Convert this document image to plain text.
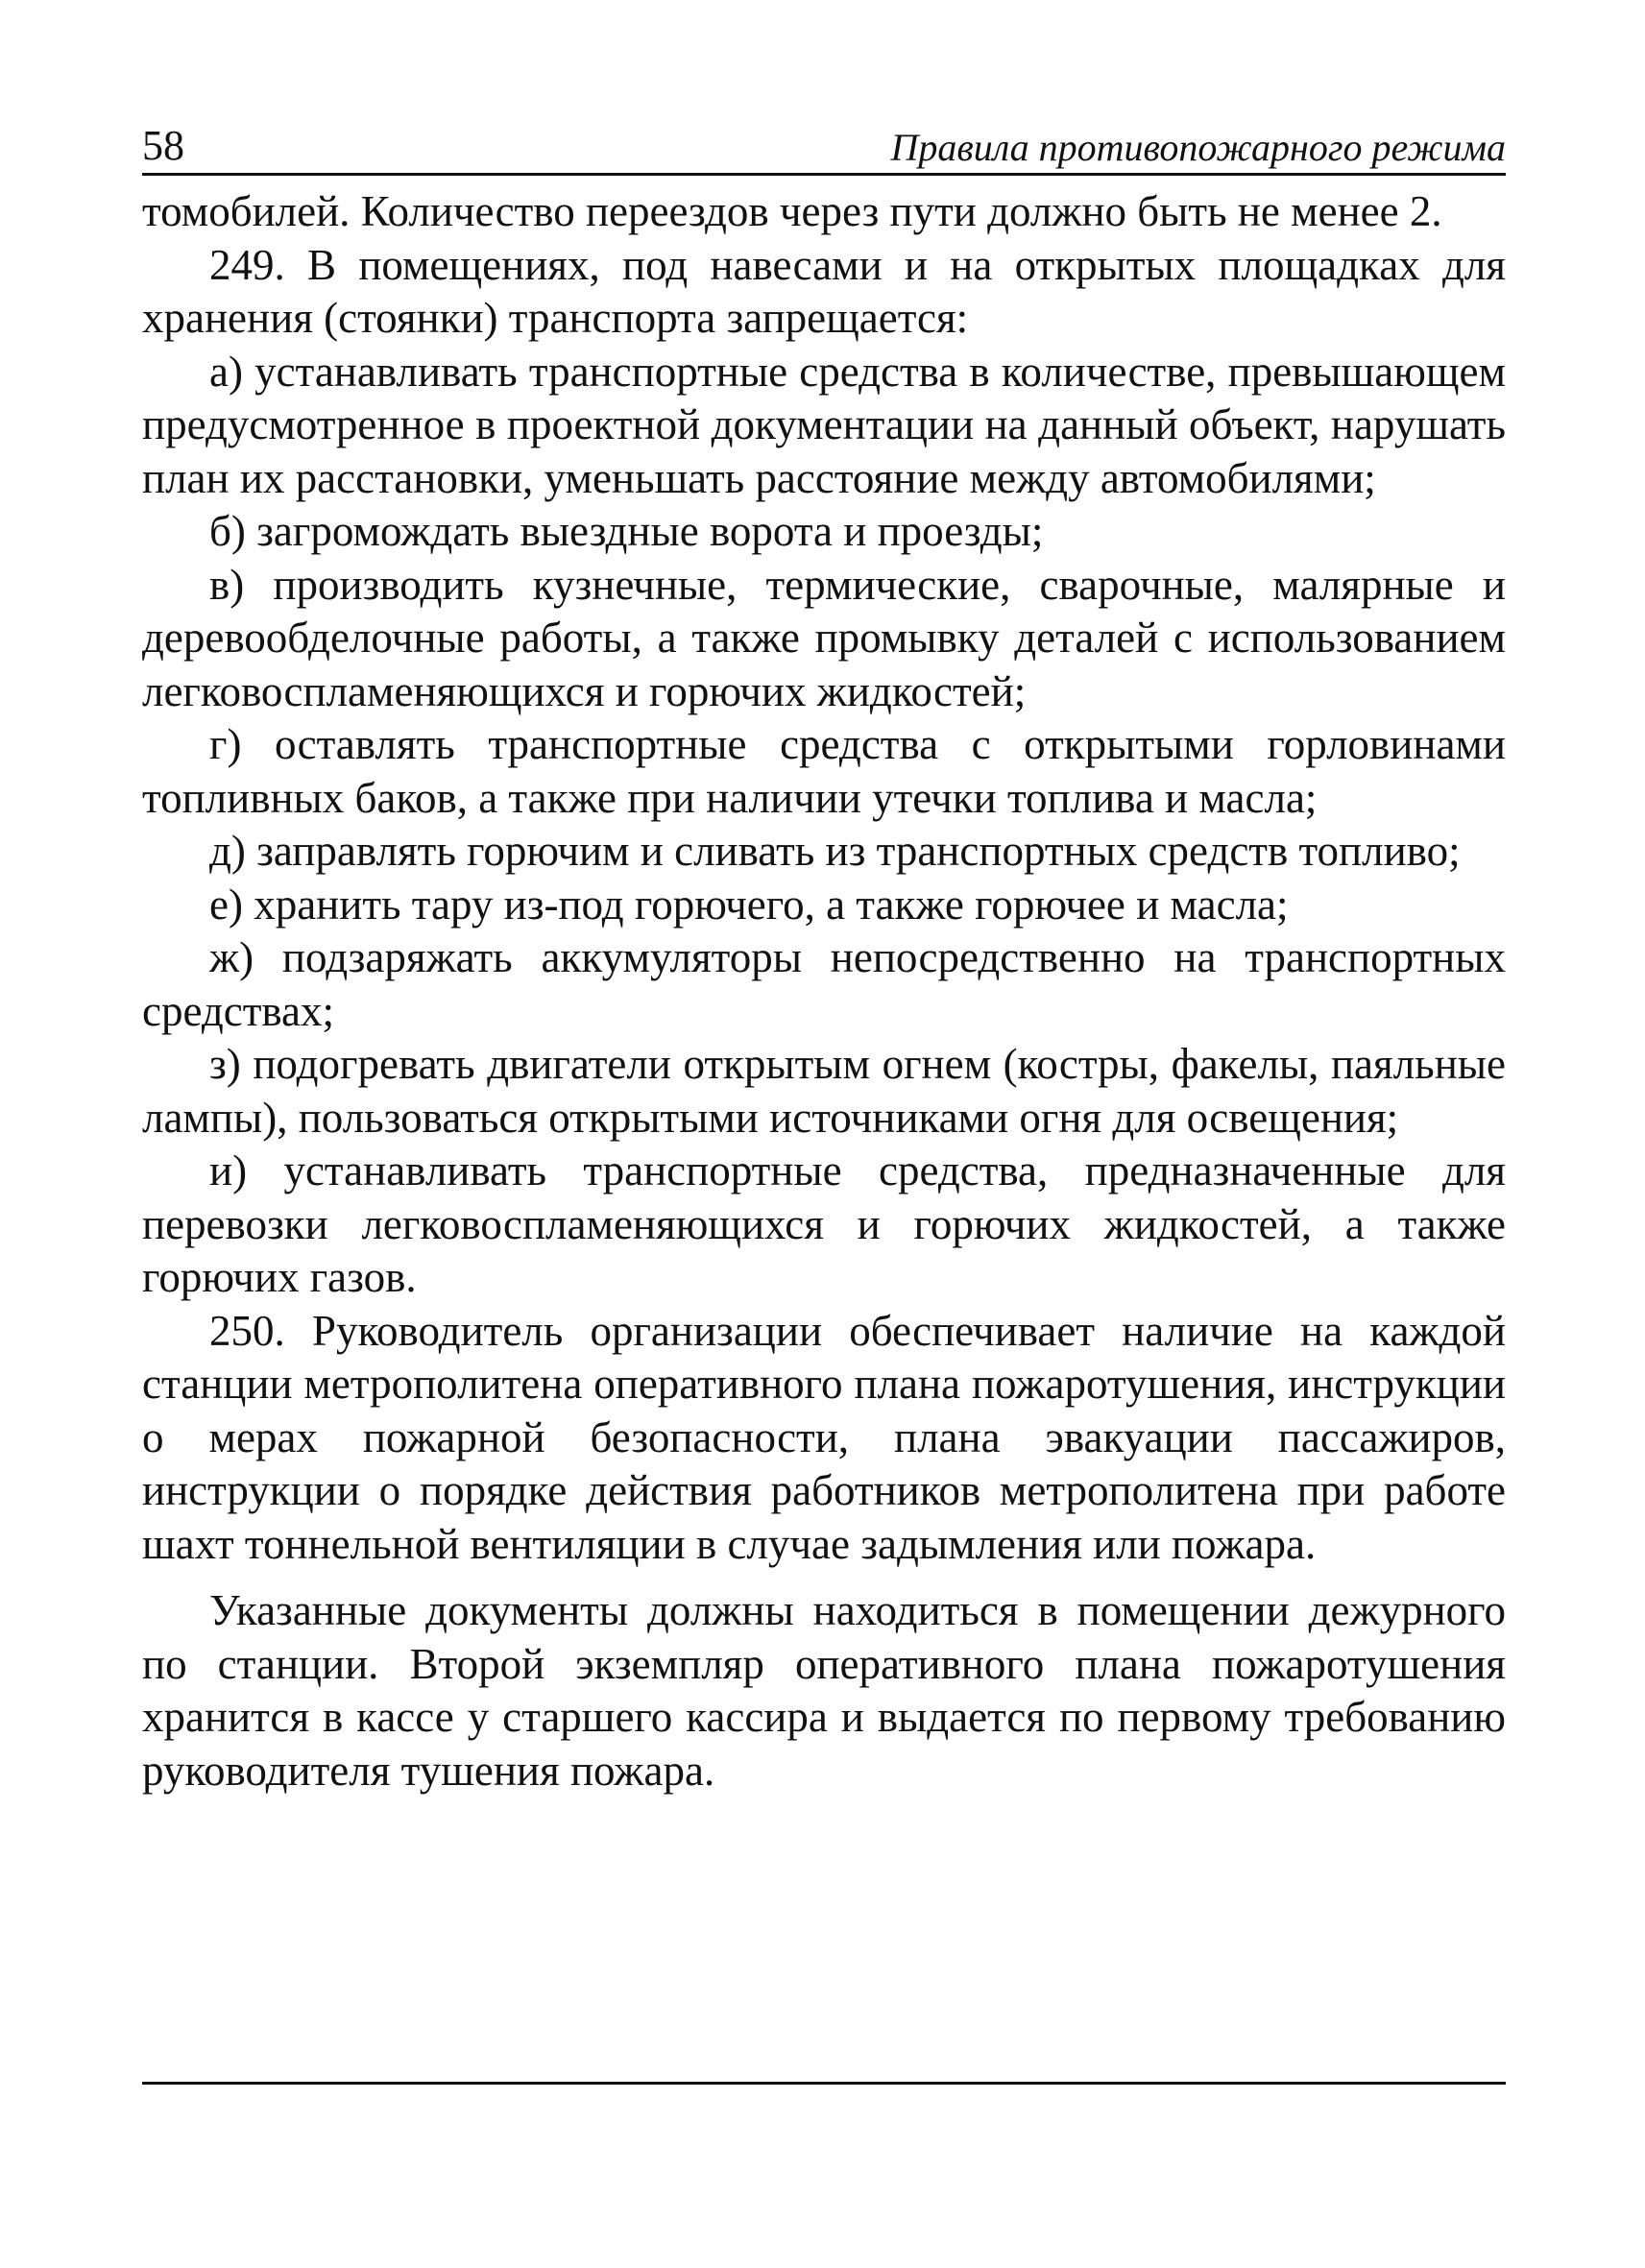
58	Правила противопожарного режима

томобилей. Количество переездов через пути должно быть не менее 2.

249. В помещениях, под навесами и на открытых площадках для хранения (стоянки) транспорта запрещается:

а) устанавливать транспортные средства в количестве, превышающем предусмотренное в проектной документации на данный объект, нарушать план их расстановки, уменьшать расстояние между автомобилями;

б) загромождать выездные ворота и проезды;

в) производить кузнечные, термические, сварочные, малярные и деревообделочные работы, а также промывку деталей с использованием легковоспламеняющихся и горючих жидкостей;

г) оставлять транспортные средства с открытыми горловинами топливных баков, а также при наличии утечки топлива и масла;

д) заправлять горючим и сливать из транспортных средств топливо;

е) хранить тару из-под горючего, а также горючее и масла;

ж) подзаряжать аккумуляторы непосредственно на транспортных средствах;

з) подогревать двигатели открытым огнем (костры, факелы, паяльные лампы), пользоваться открытыми источниками огня для освещения;

и) устанавливать транспортные средства, предназначенные для перевозки легковоспламеняющихся и горючих жидкостей, а также горючих газов.

250. Руководитель организации обеспечивает наличие на каждой станции метрополитена оперативного плана пожаротушения, инструкции о мерах пожарной безопасности, плана эвакуации пассажиров, инструкции о порядке действия работников метрополитена при работе шахт тоннельной вентиляции в случае задымления или пожара.

Указанные документы должны находиться в помещении дежурного по станции. Второй экземпляр оперативного плана пожаротушения хранится в кассе у старшего кассира и выдается по первому требованию руководителя тушения пожара.
